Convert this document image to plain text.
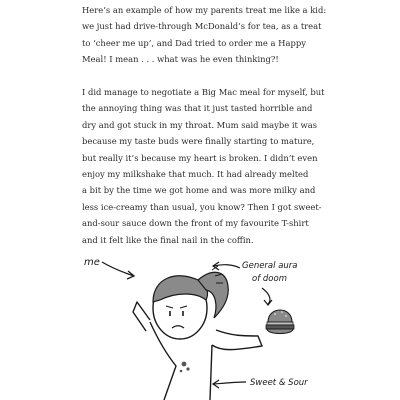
Here’s an example of how my parents treat me like a kid:
we just had drive-through McDonald’s for tea, as a treat
to ‘cheer me up’, and Dad tried to order me a Happy
Meal! I mean . . . what was he even thinking?!

I did manage to negotiate a Big Mac meal for myself, but
the annoying thing was that it just tasted horrible and
dry and got stuck in my throat. Mum said maybe it was
because my taste buds were finally starting to mature,
but really it’s because my heart is broken. I didn’t even
enjoy my milkshake that much. It had already melted
a bit by the time we got home and was more milky and
less ice-creamy than usual, you know? Then I got sweet-
and-sour sauce down the front of my favourite T-shirt
and it felt like the final nail in the coffin.

me	General aura
of doom
Sweet & Sour
